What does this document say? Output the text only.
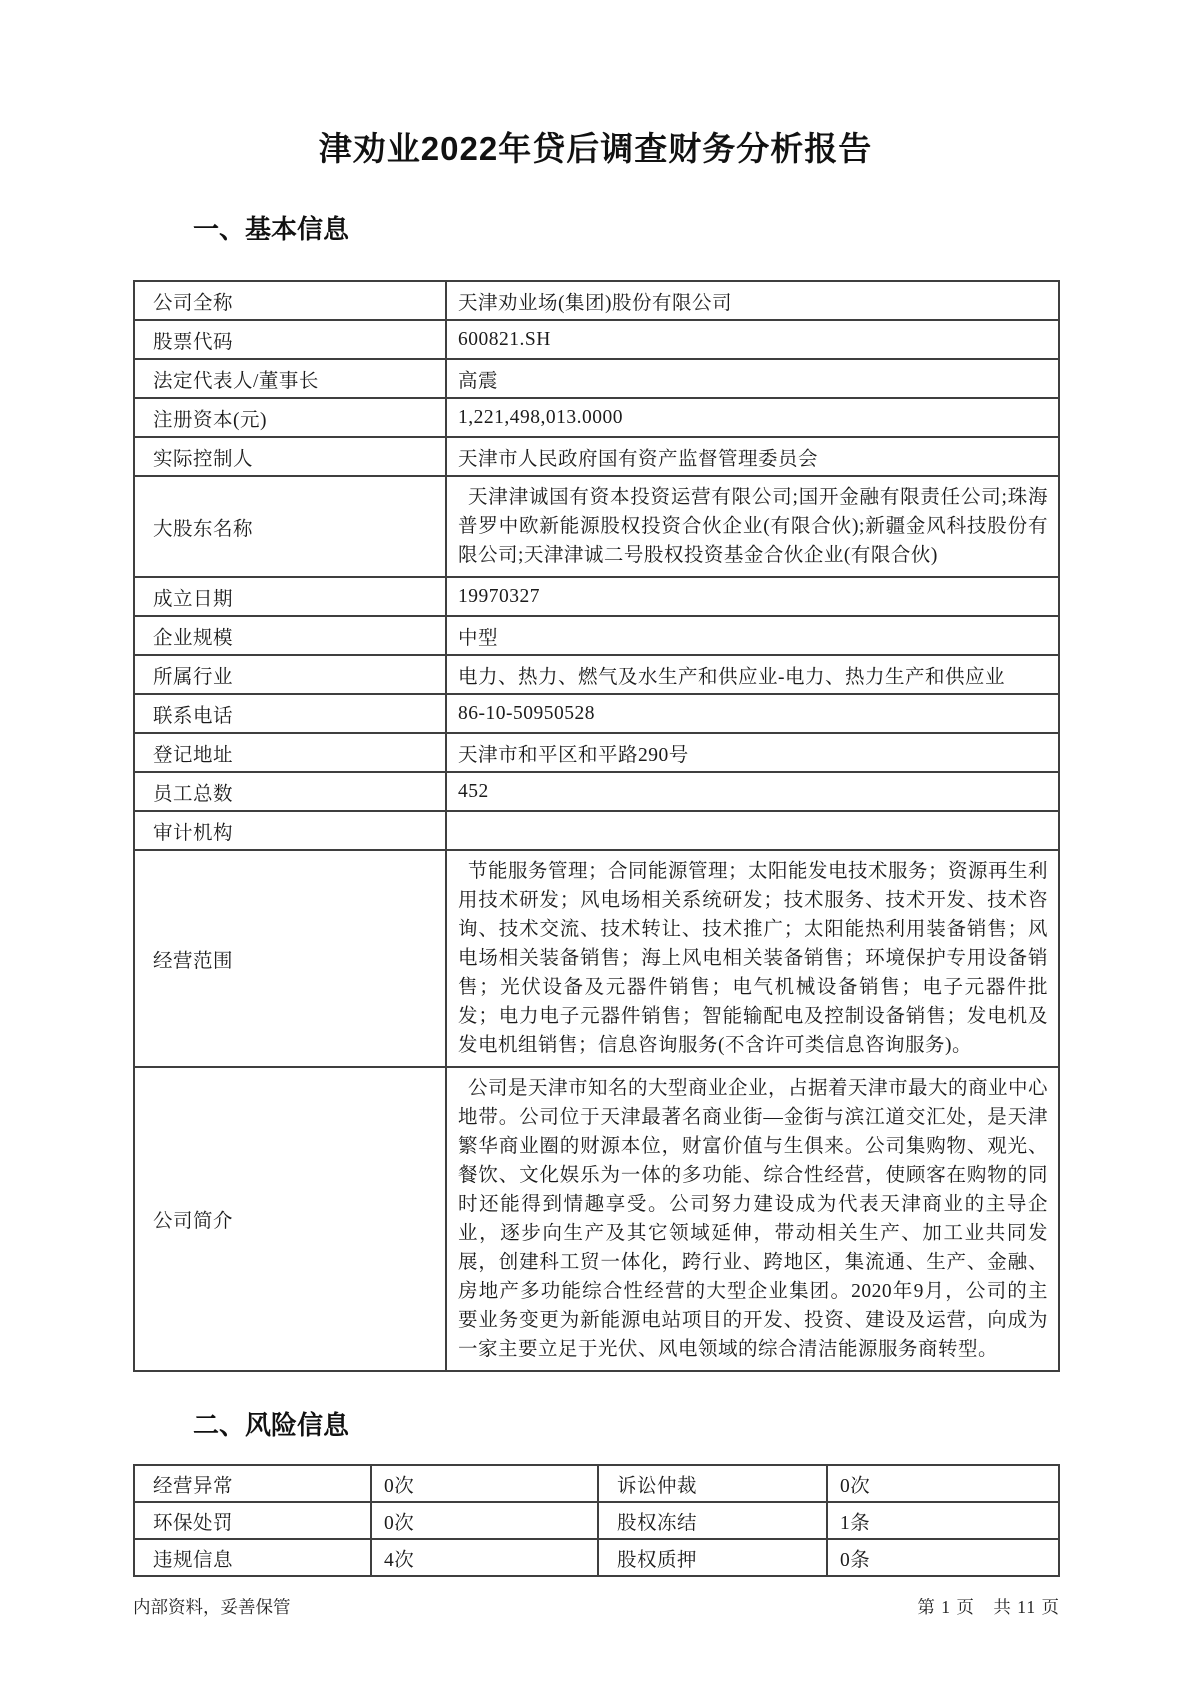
津劝业2022年贷后调查财务分析报告
一、基本信息
公司全称	天津劝业场(集团)股份有限公司
股票代码	600821.SH
法定代表人/董事长	高震
注册资本(元)	1,221,498,013.0000
实际控制人	天津市人民政府国有资产监督管理委员会
大股东名称	天津津诚国有资本投资运营有限公司;国开金融有限责任公司;珠海普罗中欧新能源股权投资合伙企业(有限合伙);新疆金风科技股份有限公司;天津津诚二号股权投资基金合伙企业(有限合伙)
成立日期	19970327
企业规模	中型
所属行业	电力、热力、燃气及水生产和供应业-电力、热力生产和供应业
联系电话	86-10-50950528
登记地址	天津市和平区和平路290号
员工总数	452
审计机构	
经营范围	节能服务管理；合同能源管理；太阳能发电技术服务；资源再生利用技术研发；风电场相关系统研发；技术服务、技术开发、技术咨询、技术交流、技术转让、技术推广；太阳能热利用装备销售；风电场相关装备销售；海上风电相关装备销售；环境保护专用设备销售；光伏设备及元器件销售；电气机械设备销售；电子元器件批发；电力电子元器件销售；智能输配电及控制设备销售；发电机及发电机组销售；信息咨询服务(不含许可类信息咨询服务)。
公司简介	公司是天津市知名的大型商业企业，占据着天津市最大的商业中心地带。公司位于天津最著名商业街—金街与滨江道交汇处，是天津繁华商业圈的财源本位，财富价值与生俱来。公司集购物、观光、餐饮、文化娱乐为一体的多功能、综合性经营，使顾客在购物的同时还能得到情趣享受。公司努力建设成为代表天津商业的主导企业，逐步向生产及其它领域延伸，带动相关生产、加工业共同发展，创建科工贸一体化，跨行业、跨地区，集流通、生产、金融、房地产多功能综合性经营的大型企业集团。2020年9月，公司的主要业务变更为新能源电站项目的开发、投资、建设及运营，向成为一家主要立足于光伏、风电领域的综合清洁能源服务商转型。
二、风险信息
经营异常	0次	诉讼仲裁	0次
环保处罚	0次	股权冻结	1条
违规信息	4次	股权质押	0条
内部资料，妥善保管	第 1 页　共 11 页
